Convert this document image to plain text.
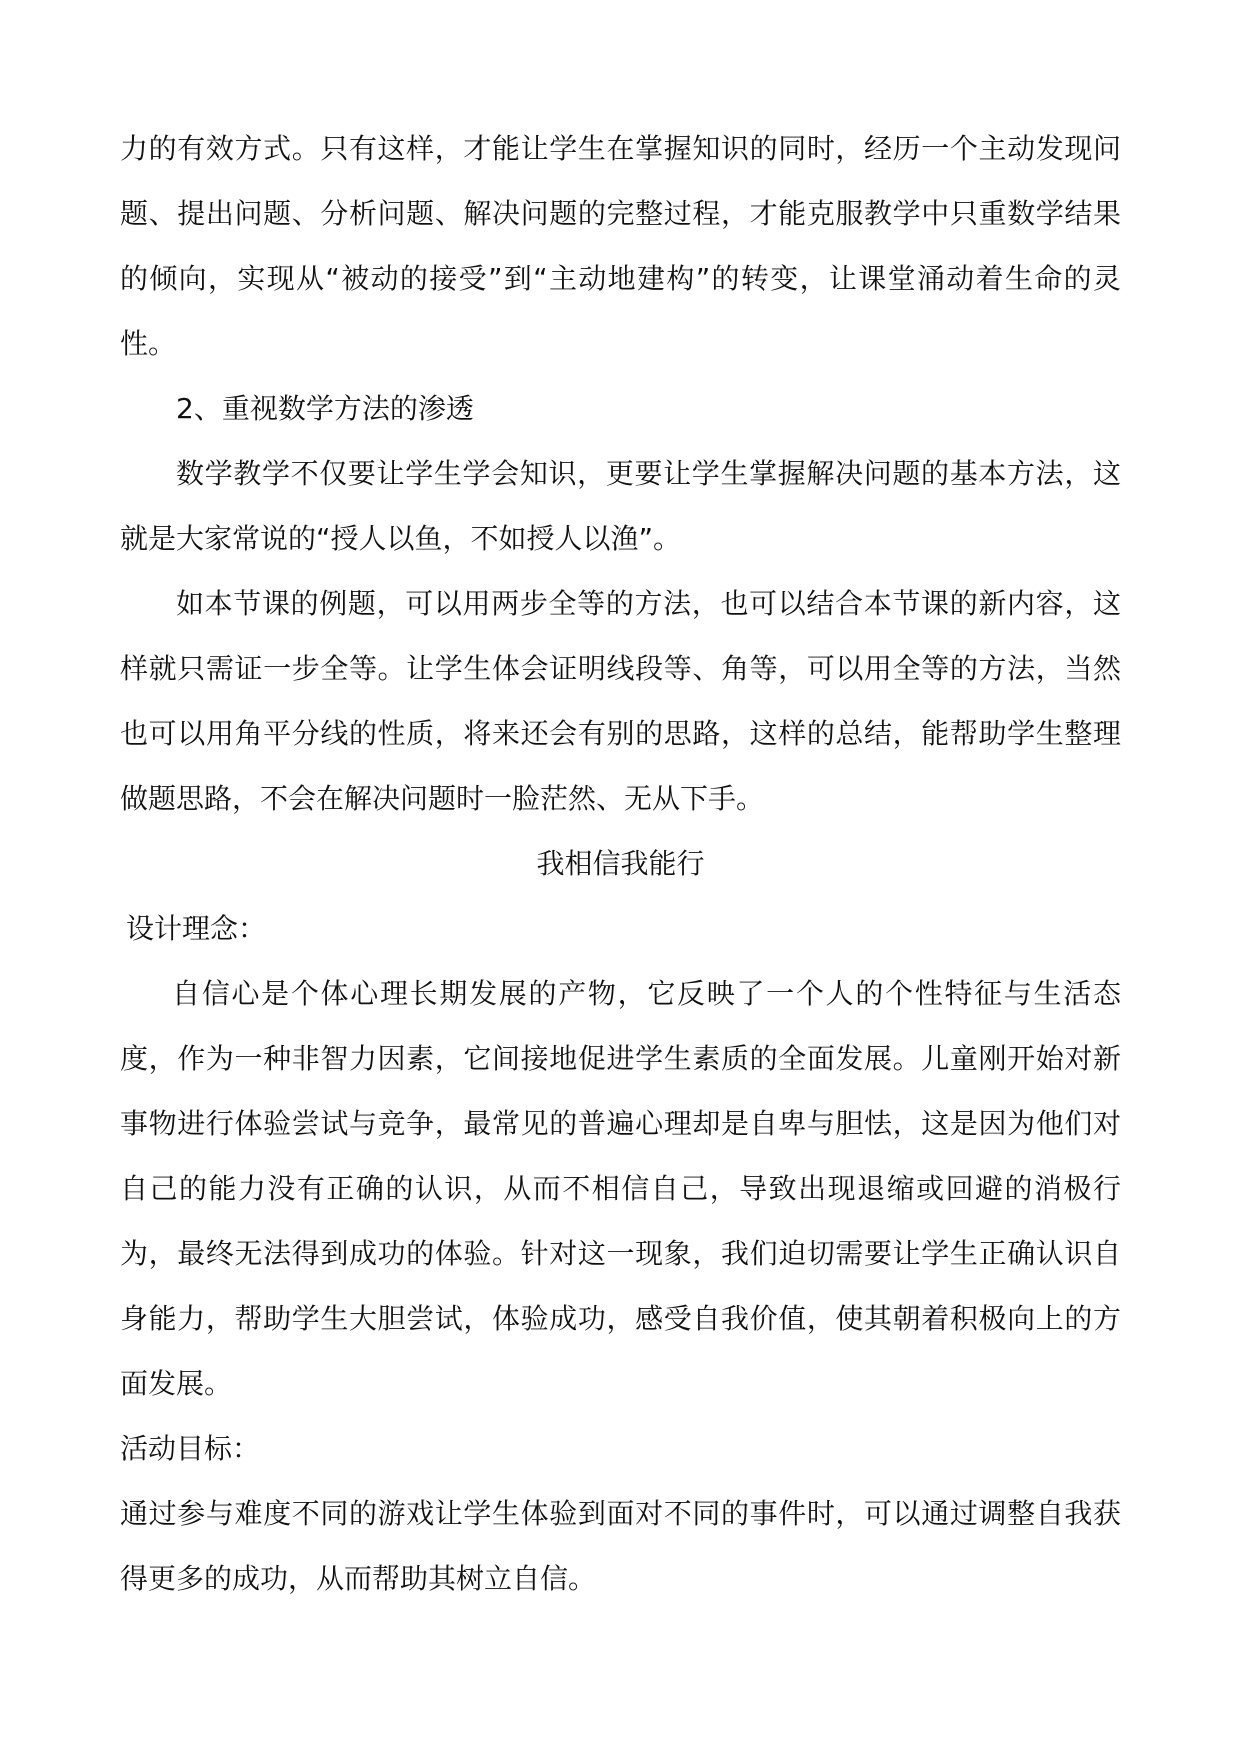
力的有效方式。只有这样，才能让学生在掌握知识的同时，经历一个主动发现问题、提出问题、分析问题、解决问题的完整过程，才能克服教学中只重数学结果的倾向，实现从“被动的接受”到“主动地建构”的转变，让课堂涌动着生命的灵性。

2、重视数学方法的渗透

数学教学不仅要让学生学会知识，更要让学生掌握解决问题的基本方法，这就是大家常说的“授人以鱼，不如授人以渔”。

如本节课的例题，可以用两步全等的方法，也可以结合本节课的新内容，这样就只需证一步全等。让学生体会证明线段等、角等，可以用全等的方法，当然也可以用角平分线的性质，将来还会有别的思路，这样的总结，能帮助学生整理做题思路，不会在解决问题时一脸茫然、无从下手。

我相信我能行

设计理念：

自信心是个体心理长期发展的产物，它反映了一个人的个性特征与生活态度，作为一种非智力因素，它间接地促进学生素质的全面发展。儿童刚开始对新事物进行体验尝试与竞争，最常见的普遍心理却是自卑与胆怯，这是因为他们对自己的能力没有正确的认识，从而不相信自己，导致出现退缩或回避的消极行为，最终无法得到成功的体验。针对这一现象，我们迫切需要让学生正确认识自身能力，帮助学生大胆尝试，体验成功，感受自我价值，使其朝着积极向上的方面发展。

活动目标：

通过参与难度不同的游戏让学生体验到面对不同的事件时，可以通过调整自我获得更多的成功，从而帮助其树立自信。
